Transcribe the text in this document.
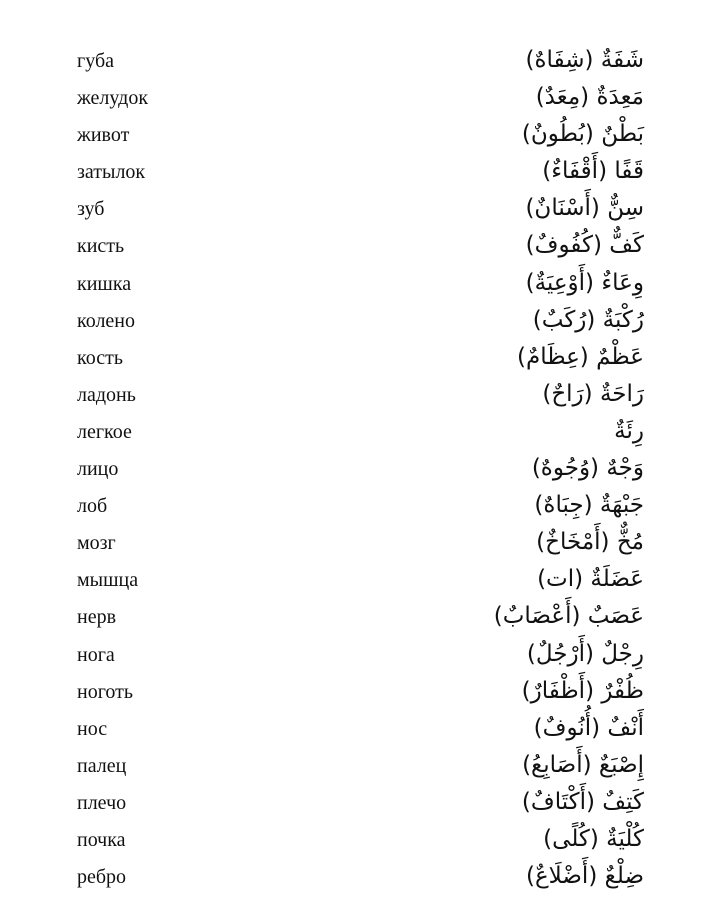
губа	شَفَةٌ (شِفَاهٌ)
желудок	مَعِدَةٌ (مِعَدٌ)
живот	بَطْنٌ (بُطُونٌ)
затылок	قَفًا (أَقْفَاءٌ)
зуб	سِنٌّ (أَسْنَانٌ)
кисть	كَفٌّ (كُفُوفٌ)
кишка	وِعَاءٌ (أَوْعِيَةٌ)
колено	رُكْبَةٌ (رُكَبٌ)
кость	عَظْمٌ (عِظَامٌ)
ладонь	رَاحَةٌ (رَاحٌ)
легкое	رِئَةٌ
лицо	وَجْهٌ (وُجُوهٌ)
лоб	جَبْهَةٌ (جِبَاهٌ)
мозг	مُخٌّ (أَمْخَاخٌ)
мышца	عَضَلَةٌ (ات)
нерв	عَصَبٌ (أَعْصَابٌ)
нога	رِجْلٌ (أَرْجُلٌ)
ноготь	ظُفْرٌ (أَظْفَارٌ)
нос	أَنْفٌ (أُنُوفٌ)
палец	إِصْبَعٌ (أَصَابِعُ)
плечо	كَتِفٌ (أَكْتَافٌ)
почка	كُلْيَةٌ (كُلًى)
ребро	ضِلْعٌ (أَضْلَاعٌ)
